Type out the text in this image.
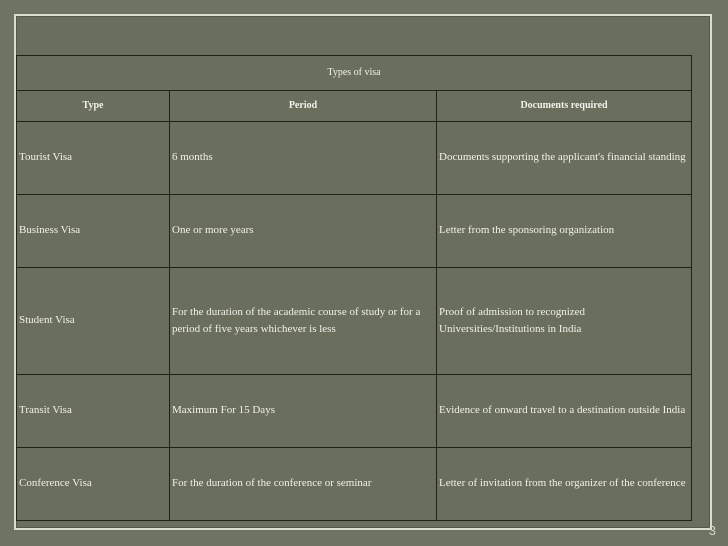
Types of visa		
Type	Period	Documents required
Tourist Visa	6 months	Documents supporting the applicant's financial standing
Business Visa	One or more years	Letter from the sponsoring organization
Student Visa	For the duration of the academic course of study or for a period of five years whichever is less	Proof of admission to recognized Universities/Institutions in India
Transit Visa	Maximum For 15 Days	Evidence of onward travel to a destination outside India
Conference Visa	For the duration of the conference or seminar	Letter of invitation from the organizer of the conference
3
